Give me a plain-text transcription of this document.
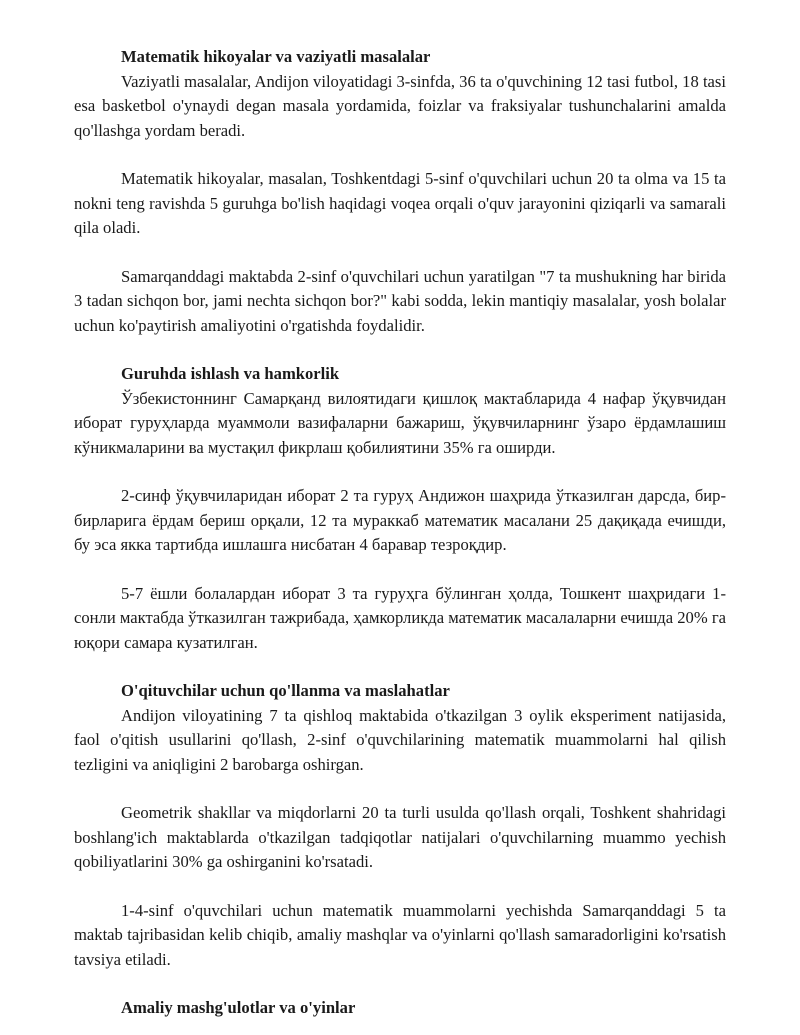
Matematik hikoyalar va vaziyatli masalalar

Vaziyatli masalalar, Andijon viloyatidagi 3-sinfda, 36 ta o'quvchining 12 tasi futbol, 18 tasi esa basketbol o'ynaydi degan masala yordamida, foizlar va fraksiyalar tushunchalarini amalda qo'llashga yordam beradi.

Matematik hikoyalar, masalan, Toshkentdagi 5-sinf o'quvchilari uchun 20 ta olma va 15 ta nokni teng ravishda 5 guruhga bo'lish haqidagi voqea orqali o'quv jarayonini qiziqarli va samarali qila oladi.

Samarqanddagi maktabda 2-sinf o'quvchilari uchun yaratilgan "7 ta mushukning har birida 3 tadan sichqon bor, jami nechta sichqon bor?" kabi sodda, lekin mantiqiy masalalar, yosh bolalar uchun ko'paytirish amaliyotini o'rgatishda foydalidir.

Guruhda ishlash va hamkorlik

Ўзбекистоннинг Самарқанд вилоятидаги қишлоқ мактабларида 4 нафар ўқувчидан иборат гуруҳларда муаммоли вазифаларни бажариш, ўқувчиларнинг ўзаро ёрдамлашиш кўникмаларини ва мустақил фикрлаш қобилиятини 35% га оширди.

2-синф ўқувчиларидан иборат 2 та гуруҳ Андижон шаҳрида ўтказилган дарсда, бир-бирларига ёрдам бериш орқали, 12 та мураккаб математик масалани 25 дақиқада ечишди, бу эса якка тартибда ишлашга нисбатан 4 баравар тезроқдир.

5-7 ёшли болалардан иборат 3 та гуруҳга бўлинган ҳолда, Тошкент шаҳридаги 1-сонли мактабда ўтказилган тажрибада, ҳамкорликда математик масалаларни ечишда 20% га юқори самара кузатилган.

O'qituvchilar uchun qo'llanma va maslahatlar

Andijon viloyatining 7 ta qishloq maktabida o'tkazilgan 3 oylik eksperiment natijasida, faol o'qitish usullarini qo'llash, 2-sinf o'quvchilarining matematik muammolarni hal qilish tezligini va aniqligini 2 barobarga oshirgan.

Geometrik shakllar va miqdorlarni 20 ta turli usulda qo'llash orqali, Toshkent shahridagi boshlang'ich maktablarda o'tkazilgan tadqiqotlar natijalari o'quvchilarning muammo yechish qobiliyatlarini 30% ga oshirganini ko'rsatadi.

1-4-sinf o'quvchilari uchun matematik muammolarni yechishda Samarqanddagi 5 ta maktab tajribasidan kelib chiqib, amaliy mashqlar va o'yinlarni qo'llash samaradorligini ko'rsatish tavsiya etiladi.

Amaliy mashg'ulotlar va o'yinlar
